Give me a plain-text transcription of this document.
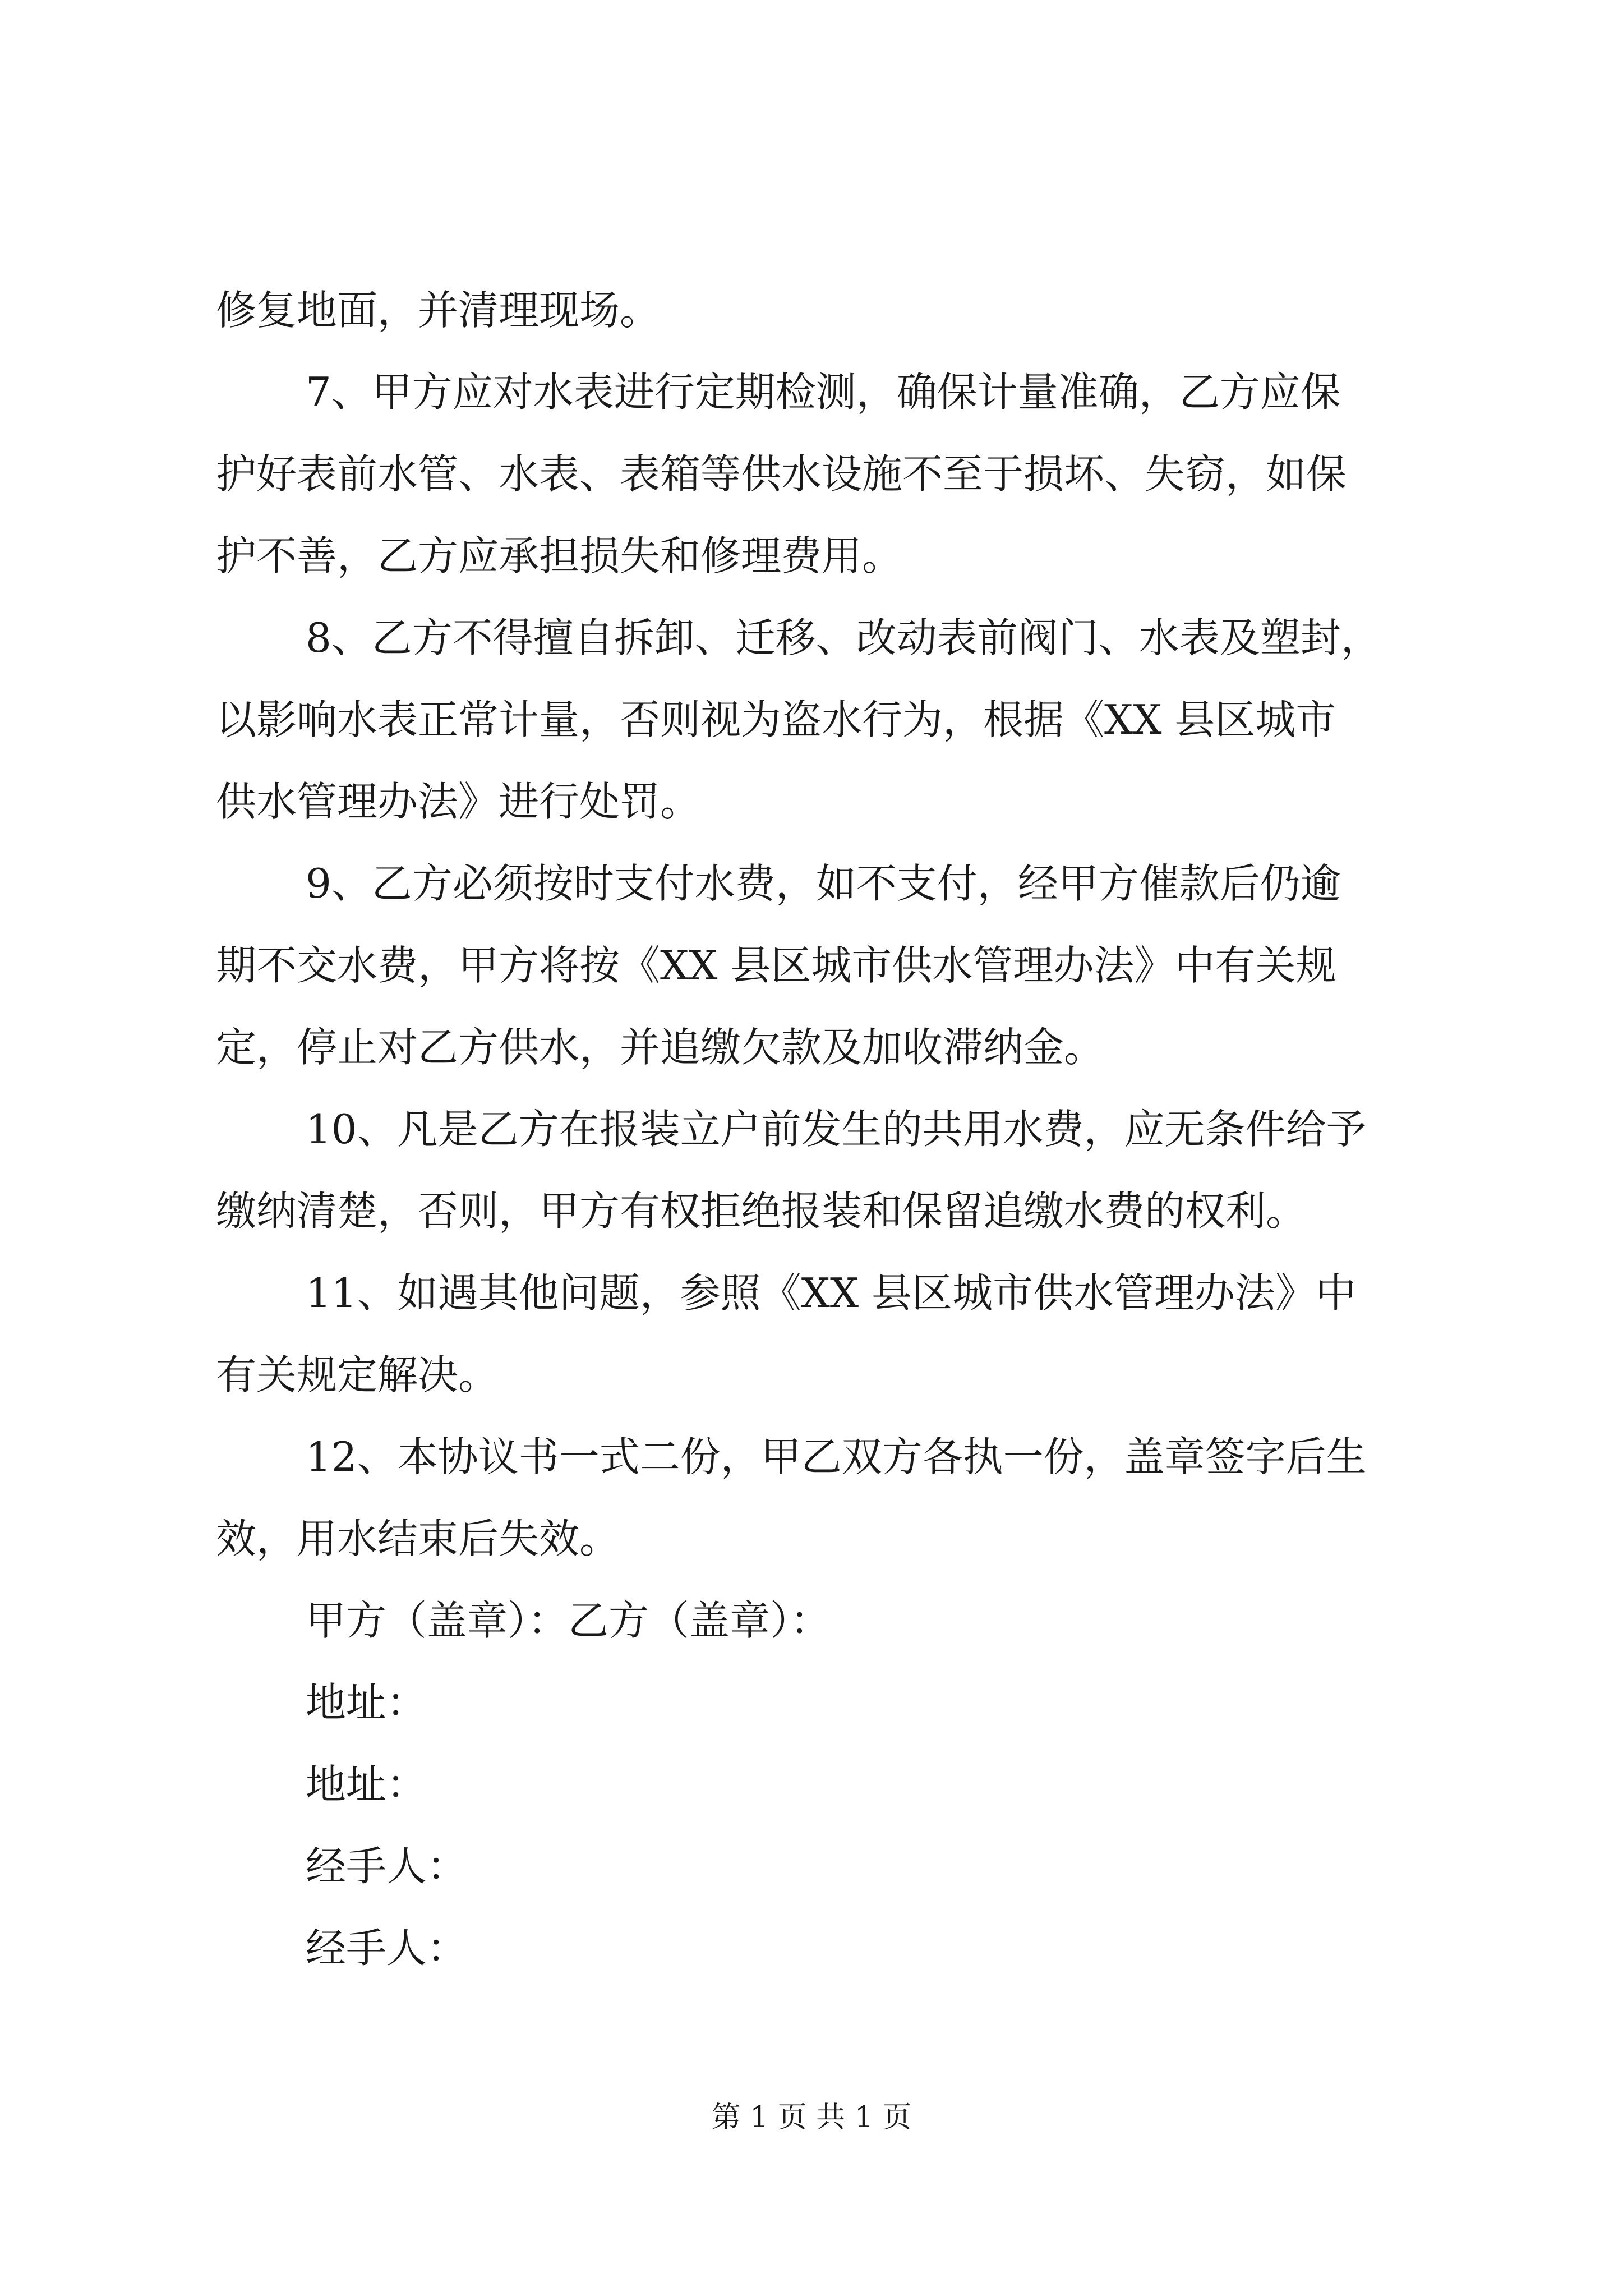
修复地面，并清理现场。
7、甲方应对水表进行定期检测，确保计量准确，乙方应保
护好表前水管、水表、表箱等供水设施不至于损坏、失窃，如保
护不善，乙方应承担损失和修理费用。
8、乙方不得擅自拆卸、迁移、改动表前阀门、水表及塑封，
以影响水表正常计量，否则视为盗水行为，根据《XX 县区城市
供水管理办法》进行处罚。
9、乙方必须按时支付水费，如不支付，经甲方催款后仍逾
期不交水费，甲方将按《XX 县区城市供水管理办法》中有关规
定，停止对乙方供水，并追缴欠款及加收滞纳金。
10、凡是乙方在报装立户前发生的共用水费，应无条件给予
缴纳清楚，否则，甲方有权拒绝报装和保留追缴水费的权利。
11、如遇其他问题，参照《XX 县区城市供水管理办法》中
有关规定解决。
12、本协议书一式二份，甲乙双方各执一份，盖章签字后生
效，用水结束后失效。
甲方（盖章）：乙方（盖章）：
地址：
地址：
经手人：
经手人：
第 1 页 共 1 页
